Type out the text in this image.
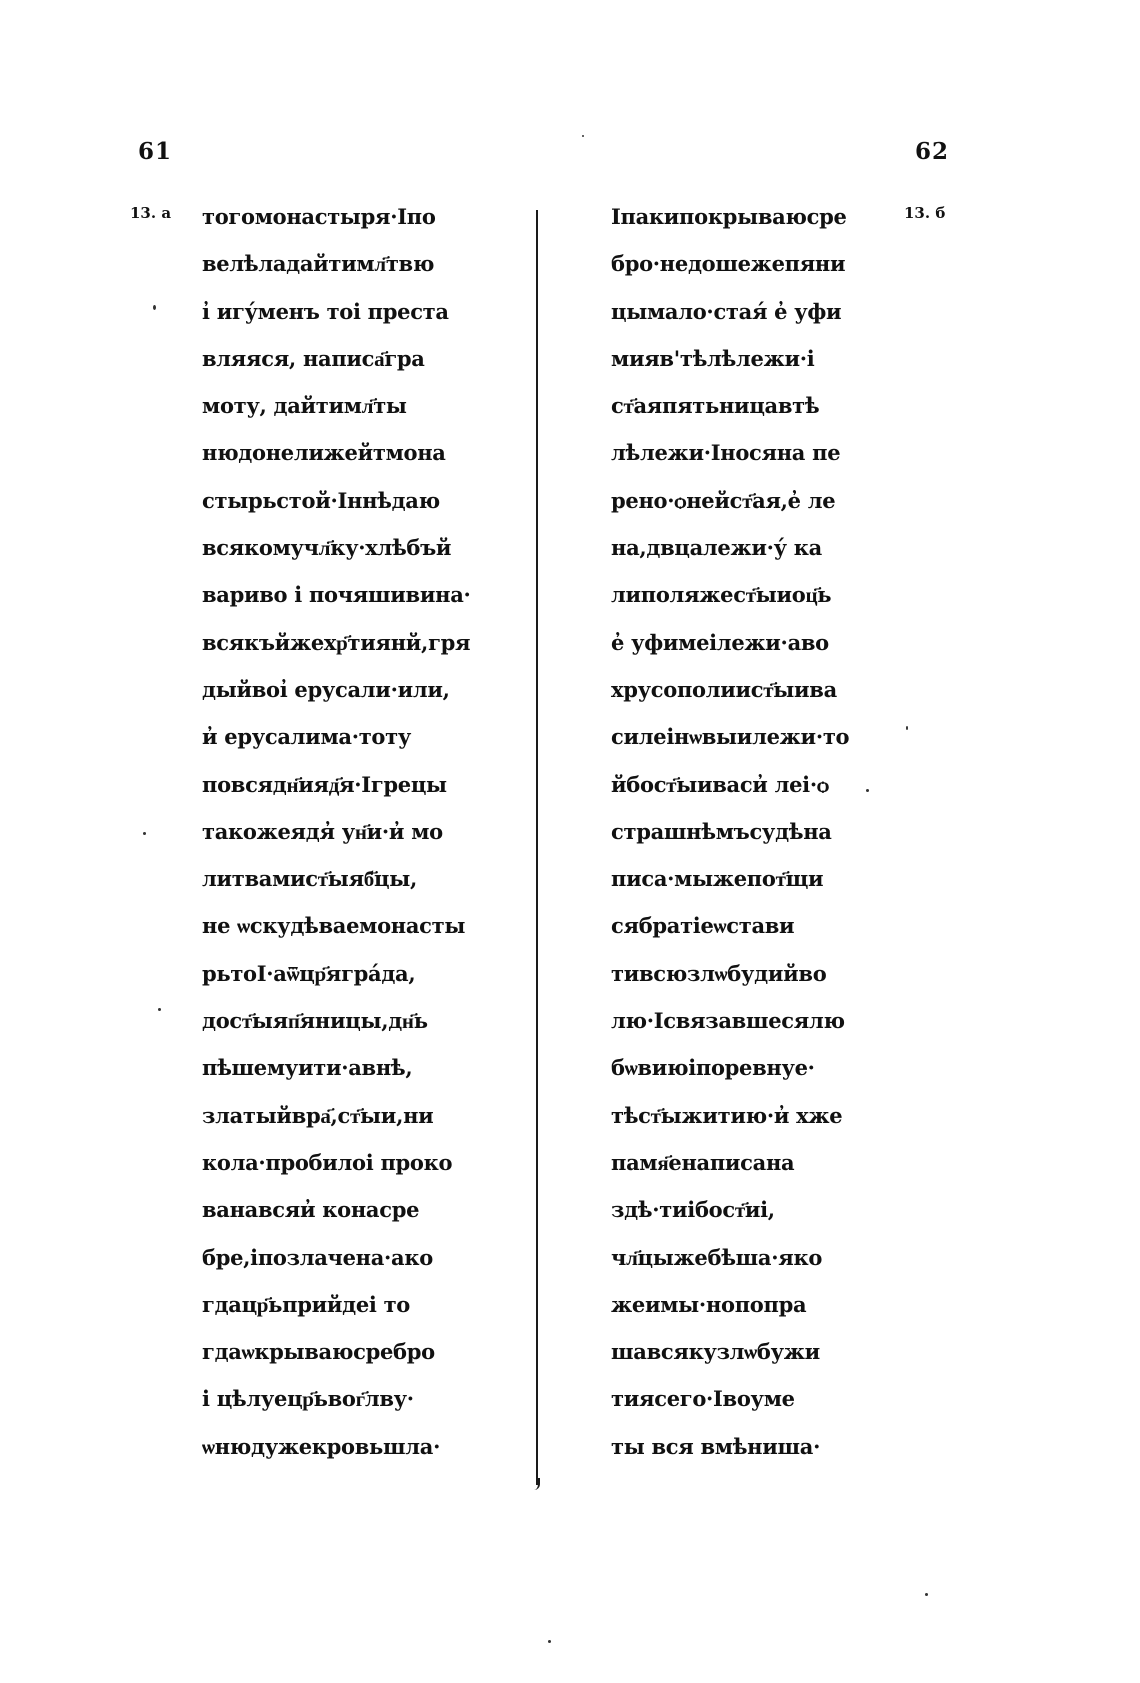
61	62
13. а	13. б
тогомонастыря·Іпо
велѣладайтимл҃твю
і̓ игу́менъ тоі преста
вляяся, написа҃гра
моту, дайтимл҃ты
нюдонелижейтмона
стырьстой·Іннѣдаю
всякомучл҃ку·хлѣбъй
вариво і почяшивина·
всякъйжехр҃тиянй,гря
дыйвоі̓ ерусали·или,
и̓ ерусалима·тоту
повсядн҃ияд҃я·Ігрецы
такожеядя̓ ун҃и·и̓ мо
литвамист҃ыяб҃цы,
не ѡскудѣваемонасты
рьтоІ·аѿцр҃ягра́да,
дост҃ыяп҃яницы,дн҃ь
пѣшемуити·авнѣ,
златыйвра҃,ст҃ыи,ни
кола·пробилоі проко
ванавсяи̓ конасре
бре,іпозлачена·ако
гдацр҃ьприйдеі то
гдаѡкрываюсребро
і цѣлуецр҃ьвог҃лву·
ѡнюдужекровьшла·
Іпакипокрываюсре
бро·недошежепяни
цымало·стая́ е̓ уфи
мияв'тѣлѣлежи·і
ст҃аяпятьницавтѣ
лѣлежи·Іносяна пе
рено·ѻнейст҃ая,е̓ ле
на,двцалежи·у́ ка
липоляжест҃ыиоц҃ь
е̓ уфимеілежи·аво
хрусополиист҃ыива
силеінѡвыилежи·то
йбост҃ыиваси̓ леі·ѻ
страшнѣмъсудѣна
писа·мыжепот҃щи
сябратіеѡстави
тивсюзлѡбудийво
лю·Ісвязавшесялю
бѡвиюіпоревнуе·
тѣст҃ыжитию·и̓ хже
памя҃енаписана
здѣ·тиібост҃иі,
чл҃цыжебѣша·яко
жеимы·нопопра
шавсякузлѡбужи
тиясего·Івоуме
ты вся вмѣниша·
